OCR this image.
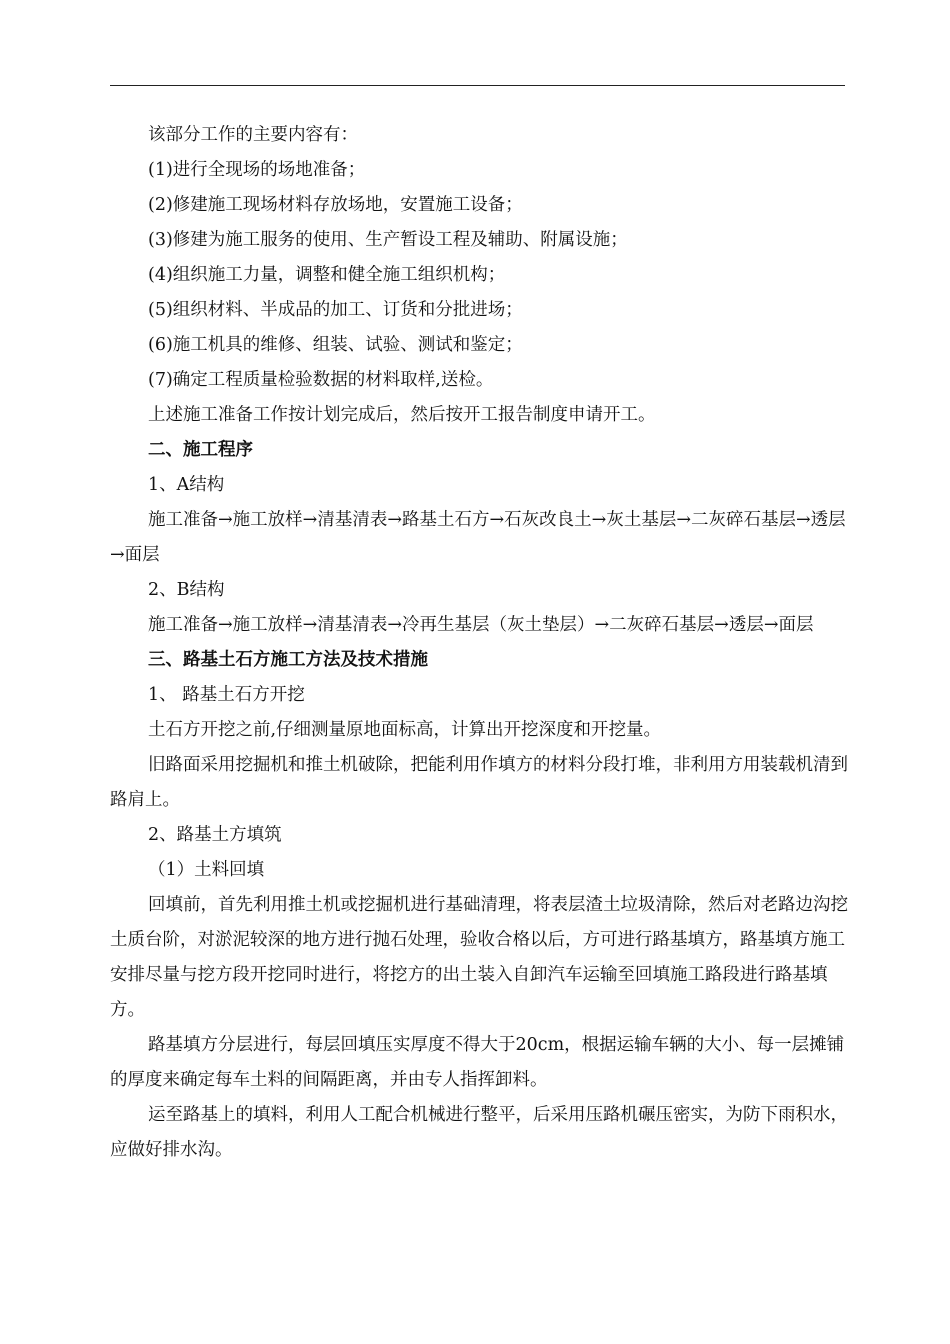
该部分工作的主要内容有：

(1)进行全现场的场地准备；

(2)修建施工现场材料存放场地，安置施工设备；

(3)修建为施工服务的使用、生产暂设工程及辅助、附属设施；

(4)组织施工力量，调整和健全施工组织机构；

(5)组织材料、半成品的加工、订货和分批进场；

(6)施工机具的维修、组装、试验、测试和鉴定；

(7)确定工程质量检验数据的材料取样,送检。

上述施工准备工作按计划完成后，然后按开工报告制度申请开工。

二、施工程序

1、A结构

施工准备→施工放样→清基清表→路基土石方→石灰改良土→灰土基层→二灰碎石基层→透层→面层

2、B结构

施工准备→施工放样→清基清表→冷再生基层（灰土垫层）→二灰碎石基层→透层→面层

三、路基土石方施工方法及技术措施

1、 路基土石方开挖

土石方开挖之前,仔细测量原地面标高，计算出开挖深度和开挖量。

旧路面采用挖掘机和推土机破除，把能利用作填方的材料分段打堆，非利用方用装载机清到路肩上。

2、路基土方填筑

（1）土料回填

回填前，首先利用推土机或挖掘机进行基础清理，将表层渣土垃圾清除，然后对老路边沟挖土质台阶，对淤泥较深的地方进行抛石处理，验收合格以后，方可进行路基填方，路基填方施工安排尽量与挖方段开挖同时进行，将挖方的出土装入自卸汽车运输至回填施工路段进行路基填方。

路基填方分层进行，每层回填压实厚度不得大于20cm，根据运输车辆的大小、每一层摊铺的厚度来确定每车土料的间隔距离，并由专人指挥卸料。

运至路基上的填料，利用人工配合机械进行整平，后采用压路机碾压密实，为防下雨积水，应做好排水沟。
